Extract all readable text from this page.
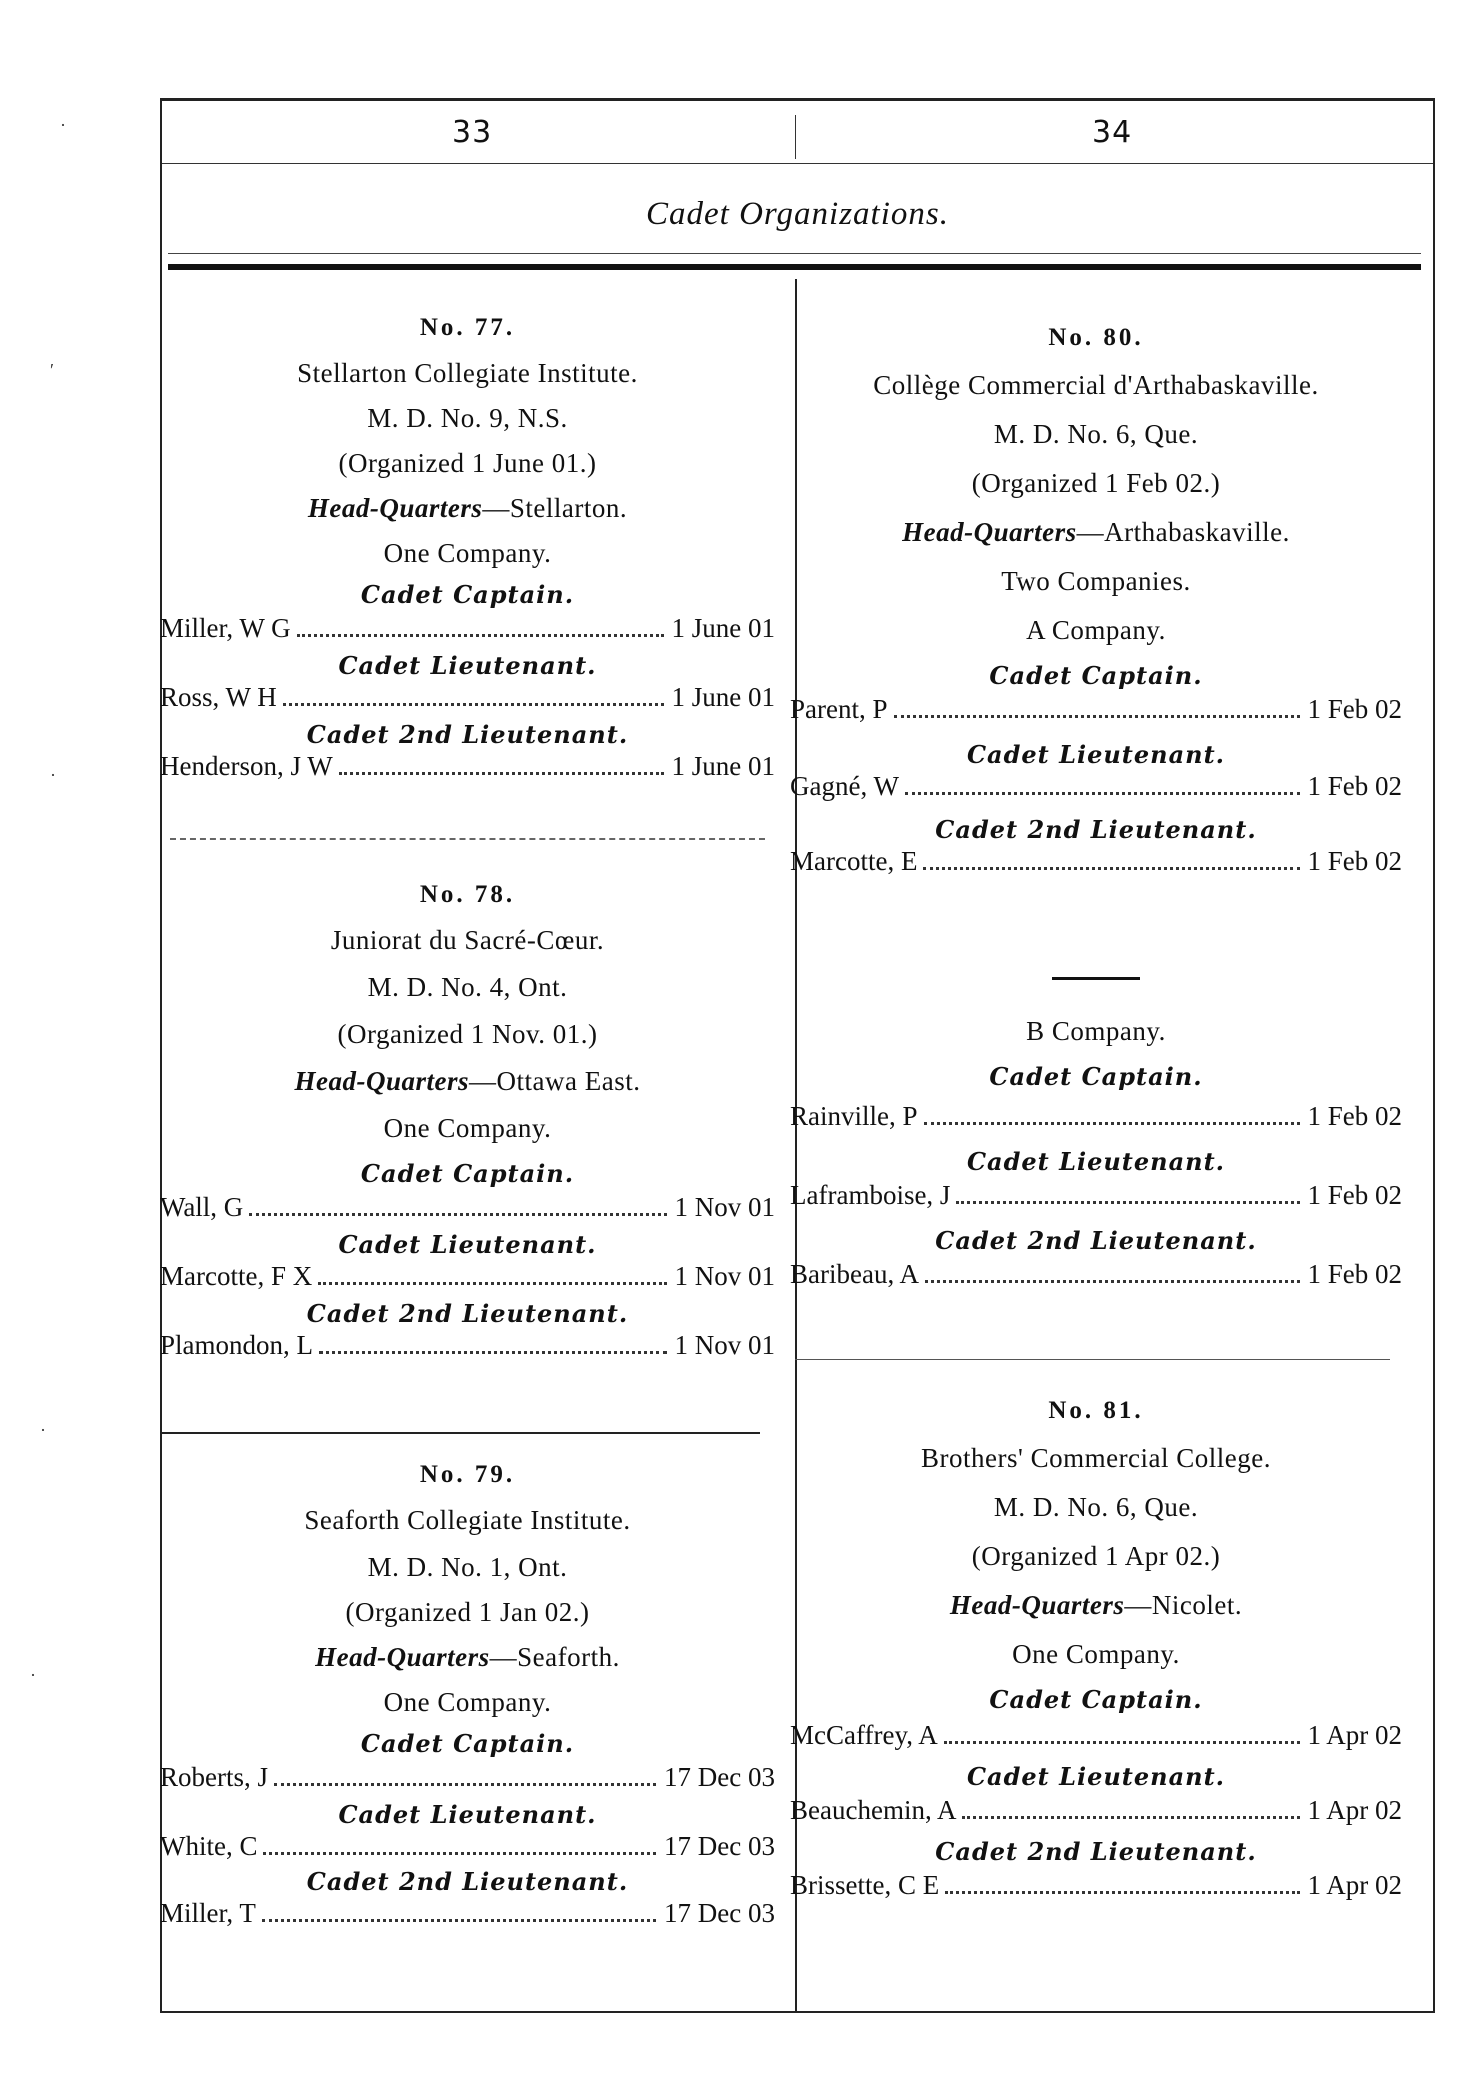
33	34
Cadet Organizations.
No. 77.
Stellarton Collegiate Institute.
M. D. No. 9, N.S.
(Organized 1 June 01.)
Head-Quarters—Stellarton.
One Company.
Cadet Captain.
Miller, W G	1 June 01
Cadet Lieutenant.
Ross, W H	1 June 01
Cadet 2nd Lieutenant.
Henderson, J W	1 June 01
No. 78.
Juniorat du Sacré-Cœur.
M. D. No. 4, Ont.
(Organized 1 Nov. 01.)
Head-Quarters—Ottawa East.
One Company.
Cadet Captain.
Wall, G	1 Nov 01
Cadet Lieutenant.
Marcotte, F X	1 Nov 01
Cadet 2nd Lieutenant.
Plamondon, L	1 Nov 01
No. 79.
Seaforth Collegiate Institute.
M. D. No. 1, Ont.
(Organized 1 Jan 02.)
Head-Quarters—Seaforth.
One Company.
Cadet Captain.
Roberts, J	17 Dec 03
Cadet Lieutenant.
White, C	17 Dec 03
Cadet 2nd Lieutenant.
Miller, T	17 Dec 03
No. 80.
Collège Commercial d'Arthabaskaville.
M. D. No. 6, Que.
(Organized 1 Feb 02.)
Head-Quarters—Arthabaskaville.
Two Companies.
A Company.
Cadet Captain.
Parent, P	1 Feb 02
Cadet Lieutenant.
Gagné, W	1 Feb 02
Cadet 2nd Lieutenant.
Marcotte, E	1 Feb 02
B Company.
Cadet Captain.
Rainville, P	1 Feb 02
Cadet Lieutenant.
Laframboise, J	1 Feb 02
Cadet 2nd Lieutenant.
Baribeau, A	1 Feb 02
No. 81.
Brothers' Commercial College.
M. D. No. 6, Que.
(Organized 1 Apr 02.)
Head-Quarters—Nicolet.
One Company.
Cadet Captain.
McCaffrey, A	1 Apr 02
Cadet Lieutenant.
Beauchemin, A	1 Apr 02
Cadet 2nd Lieutenant.
Brissette, C E	1 Apr 02
·
′
·
·
·
